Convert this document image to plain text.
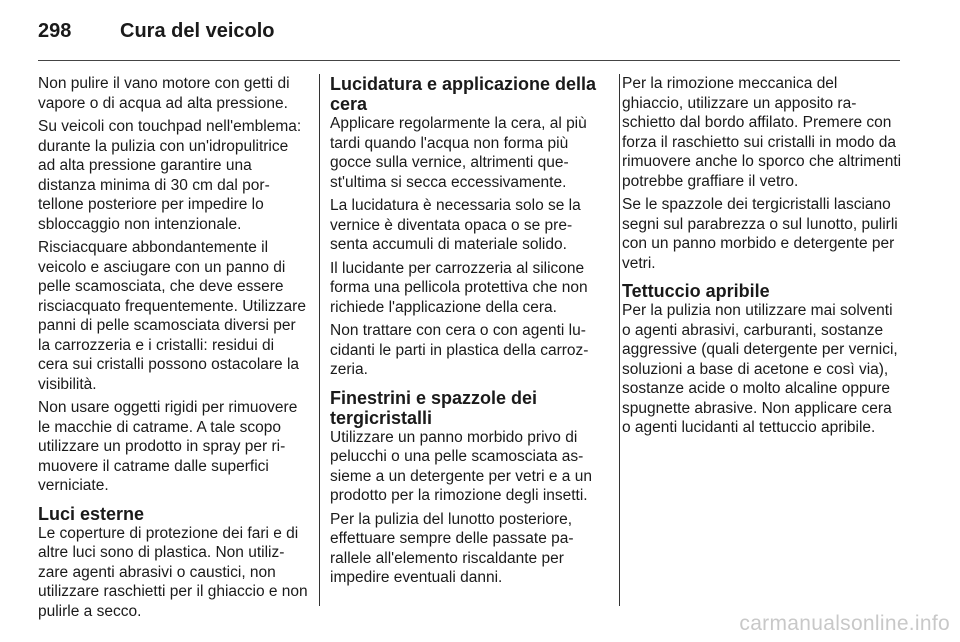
298 Cura del veicolo

Non pulire il vano motore con getti di vapore o di acqua ad alta pressione.

Su veicoli con touchpad nell'emblema: durante la pulizia con un'idropulitrice ad alta pressione garantire una distanza minima di 30 cm dal portellone posteriore per impedire lo sbloccaggio non intenzionale.

Risciacquare abbondantemente il veicolo e asciugare con un panno di pelle scamosciata, che deve essere risciacquato frequentemente. Utilizzare panni di pelle scamosciata diversi per la carrozzeria e i cristalli: residui di cera sui cristalli possono ostacolare la visibilità.

Non usare oggetti rigidi per rimuovere le macchie di catrame. A tale scopo utilizzare un prodotto in spray per rimuovere il catrame dalle superfici verniciate.

Luci esterne

Le coperture di protezione dei fari e di altre luci sono di plastica. Non utilizzare agenti abrasivi o caustici, non utilizzare raschietti per il ghiaccio e non pulirle a secco.

Lucidatura e applicazione della cera

Applicare regolarmente la cera, al più tardi quando l'acqua non forma più gocce sulla vernice, altrimenti quest'ultima si secca eccessivamente.

La lucidatura è necessaria solo se la vernice è diventata opaca o se presenta accumuli di materiale solido.

Il lucidante per carrozzeria al silicone forma una pellicola protettiva che non richiede l'applicazione della cera.

Non trattare con cera o con agenti lucidanti le parti in plastica della carrozzeria.

Finestrini e spazzole dei tergicristalli

Utilizzare un panno morbido privo di pelucchi o una pelle scamosciata assieme a un detergente per vetri e a un prodotto per la rimozione degli insetti.

Per la pulizia del lunotto posteriore, effettuare sempre delle passate parallele all'elemento riscaldante per impedire eventuali danni.

Per la rimozione meccanica del ghiaccio, utilizzare un apposito raschietto dal bordo affilato. Premere con forza il raschietto sui cristalli in modo da rimuovere anche lo sporco che altrimenti potrebbe graffiare il vetro.

Se le spazzole dei tergicristalli lasciano segni sul parabrezza o sul lunotto, pulirli con un panno morbido e detergente per vetri.

Tettuccio apribile

Per la pulizia non utilizzare mai solventi o agenti abrasivi, carburanti, sostanze aggressive (quali detergente per vernici, soluzioni a base di acetone e così via), sostanze acide o molto alcaline oppure spugnette abrasive. Non applicare cera o agenti lucidanti al tettuccio apribile.

carmanualsonline.info
